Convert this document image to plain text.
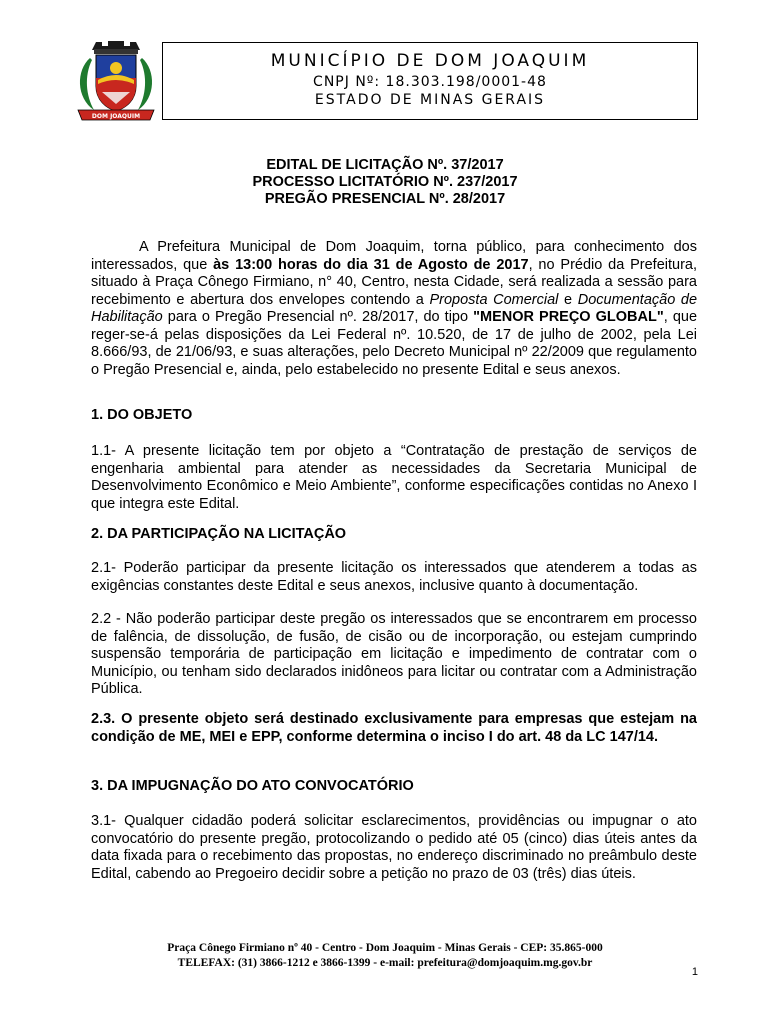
DOM JOAQUIM
MUNICÍPIO DE DOM JOAQUIM
CNPJ Nº: 18.303.198/0001-48
ESTADO DE MINAS GERAIS
EDITAL DE LICITAÇÃO Nº. 37/2017
PROCESSO LICITATÓRIO Nº. 237/2017
PREGÃO PRESENCIAL Nº. 28/2017

A Prefeitura Municipal de Dom Joaquim, torna público, para conhecimento dos interessados, que às 13:00 horas do dia 31 de Agosto de 2017, no Prédio da Prefeitura, situado à Praça Cônego Firmiano, n° 40, Centro, nesta Cidade, será realizada a sessão para recebimento e abertura dos envelopes contendo a Proposta Comercial e Documentação de Habilitação para o Pregão Presencial nº. 28/2017, do tipo "MENOR PREÇO GLOBAL", que reger-se-á pelas disposições da Lei Federal nº. 10.520, de 17 de julho de 2002, pela Lei 8.666/93, de 21/06/93, e suas alterações, pelo Decreto Municipal nº 22/2009 que regulamento o Pregão Presencial e, ainda, pelo estabelecido no presente Edital e seus anexos.

1. DO OBJETO
1.1- A presente licitação tem por objeto a “Contratação de prestação de serviços de engenharia ambiental para atender as necessidades da Secretaria Municipal de Desenvolvimento Econômico e Meio Ambiente”, conforme especificações contidas no Anexo I que integra este Edital.
2. DA PARTICIPAÇÃO NA LICITAÇÃO
2.1- Poderão participar da presente licitação os interessados que atenderem a todas as exigências constantes deste Edital e seus anexos, inclusive quanto à documentação.
2.2 - Não poderão participar deste pregão os interessados que se encontrarem em processo de falência, de dissolução, de fusão, de cisão ou de incorporação, ou estejam cumprindo suspensão temporária de participação em licitação e impedimento de contratar com o Município, ou tenham sido declarados inidôneos para licitar ou contratar com a Administração Pública.
2.3. O presente objeto será destinado exclusivamente para empresas que estejam na condição de ME, MEI e EPP, conforme determina o inciso I do art. 48 da LC 147/14.
3. DA IMPUGNAÇÃO DO ATO CONVOCATÓRIO
3.1- Qualquer cidadão poderá solicitar esclarecimentos, providências ou impugnar o ato convocatório do presente pregão, protocolizando o pedido até 05 (cinco) dias úteis antes da data fixada para o recebimento das propostas, no endereço discriminado no preâmbulo deste Edital, cabendo ao Pregoeiro decidir sobre a petição no prazo de 03 (três) dias úteis.
Praça Cônego Firmiano nº 40 - Centro - Dom Joaquim - Minas Gerais - CEP: 35.865-000
TELEFAX: (31) 3866-1212 e 3866-1399 - e-mail: prefeitura@domjoaquim.mg.gov.br
1
